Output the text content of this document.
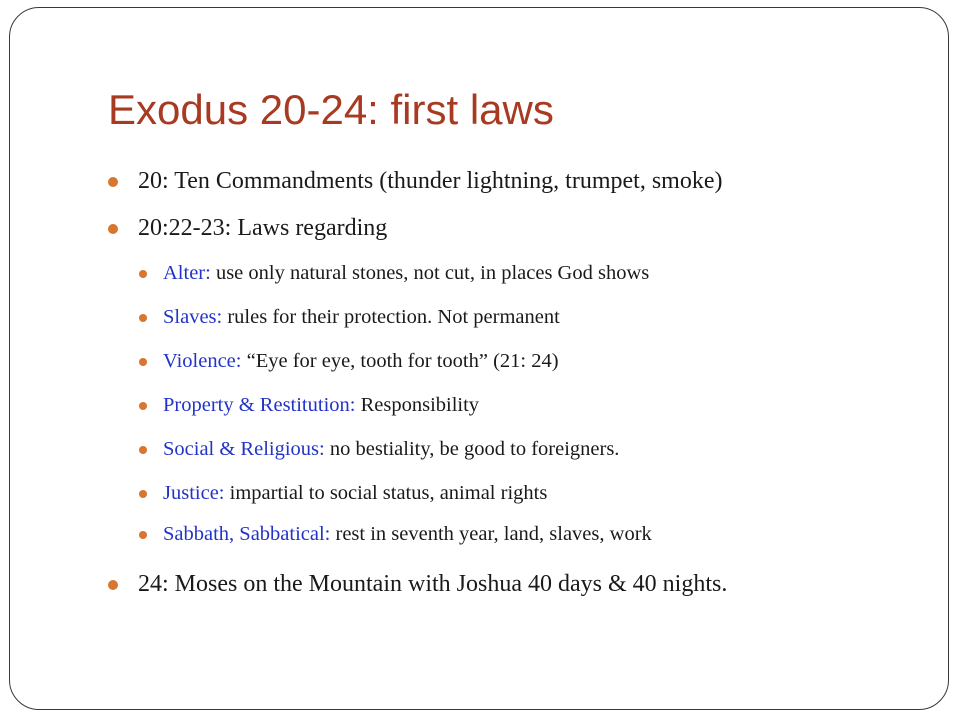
Exodus 20-24: first laws
20: Ten Commandments (thunder lightning, trumpet, smoke)
20:22-23: Laws regarding
Alter: use only natural stones, not cut, in places God shows
Slaves: rules for their protection. Not permanent
Violence: “Eye for eye, tooth for tooth” (21: 24)
Property & Restitution: Responsibility
Social & Religious: no bestiality, be good to foreigners.
Justice: impartial to social status, animal rights
Sabbath, Sabbatical: rest in seventh year, land, slaves, work
24: Moses on the Mountain with Joshua 40 days & 40 nights.
